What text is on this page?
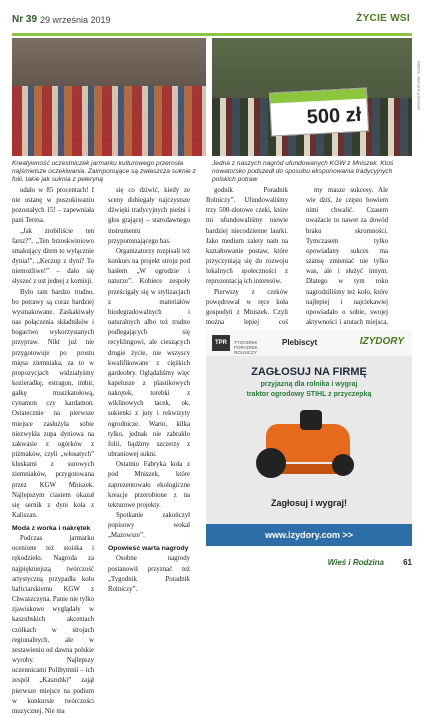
Nr 39 29 września 2019	ŻYCIE WSI
500 zł
Kreatywność uczestniczek jarmarku kulturowego przerosła najśmielsze oczekiwania. Zaimponujące są zwłaszcza suknie z folii, takie jak suknia z peleryną
Jedna z naszych nagród ufundowanych KGW z Mniszek. Ktoś nowatorsko podszedł do sposobu eksponowania tradycyjnych polskich potraw

udało w 85 procentach! I nie ustanę w poszukiwaniu pozostałych 15! – zapewniała pani Teresa.

„Jak zrobiliście ten farsz?”, „Ten brzoskwiniowo smakujący dżem to wyłącznie dynia!”, „Keczup z dyni? To niemożliwe!” – dało się słyszeć z ust jednej z komisji.

Było tam bardzo trudno, bo potrawy są coraz bardziej wysmakowane. Zaskakiwały nas połączenia składników i bogactwo wykorzystanych przypraw. Nikt już nie przygotowuje po prostu mięsa ziemniaka, za to w propozycjach widziałyśmy kozieradkę, estragon, imbir, gałkę muszkatołową, cynamon czy kardamon. Ostatecznie na pierwsze miejsce zasłużyła sobie niezwykła zupa dyniowa na zakwasie z ogórków z piżmaków, czyli „włosatych” kluskami z surowych ziemniaków, przygotowana przez KGW Mniszek. Najlepszym ciastem okazał się sernik z dyni koła z Kaliszan.

Moda z worka i nakrętek

Podczas jarmarku ocenione też stoiska i rękodzieło. Nagroda za najpiękniejszą twórczość artystyczną przypadła kołu haftciarskiemu KGW z Chwaszczyna. Panie nie tylko zjawiskowe wyglądały w kaszubskich akcentach czółkach w strojach regionalnych, ale w zestawieniu od dawna polskie wyroby. Najlepszy uczennicami Polihymnii – ich zespół „Kaszubki” zajął pierwsze miejsce na podium w konkursie twórczości muzycznej. Nie ma

się co dziwić, kiedy ze sceny dobiegały najczystsze dźwięki tradycyjnych pieśni i głos grającej – starodawnego instrumentu przypominającego bas.

Organizatorzy rozpisali też konkurs na projekt stroju pod hasłem „W ogrodzie i naturze”. Kobiece zespoły prześcigały się w stylizacjach z materiałów biodegradowalnych i naturalnych albo też trudno podlegających się recyklingowi, ale cieszących drugie życie, nie wszyscy kwalifikowane z ciężkich gardeobry. Oglądaliśmy więc kapelusze z plastikowych nakrętek, torebki z wiklinowych tacek, ok, sukienki z juty i rekwizyty ogrodnicze. Warto, kilka tylko, jednak nie zabrakło folii, bądźmy szczerzy z ubraniowej sukni.

Ostatnio Fabryka koła z pod Mniszek, które zaprezentowało ekologiczne kreacje przerobione z na tekturowe projekty.

Spotkanie zakończył popisowy wokal „Mazowsze”.

Opowieść warta nagrody

Osobne nagrody postanowił przyznać też „Tygodnik Poradnik Rolniczy”.

godnik Poradnik Rolniczy”. Ufundowaliśmy trzy 500-złotowe czeki, które mi ufundowaliśmy niewie bardziej niecodzienne laurki. Jako medium zalety nam na kształtowanie postaw, które przyczyniają się do rozwoju lokalnych społeczności z reprezentacją ich interesów.

Pierwszy z czeków powędrował w ręce koła gospodyń z Mniszek. Czyli można lepiej coś

my masze sukcesy. Ale wie dziś, że często bowiem nimi chwalić. Czasem uważacie to nawet za dowód braku skromności. Tymczasem tylko opowiadany sukces ma szansę zmieniać nie tylko was, ale i służyć innym. Dlatego w tym roku nagrodziliśmy też koło, które najlepiej i najciekawiej opowiadało o sobie, swojej aktywności i atutach miejsca,

TPR	TYGODNIK PORADNIK ROLNICZY
Plebiscyt	IZYDORY
ZAGŁOSUJ NA FIRMĘ
przyjazną dla rolnika i wygraj
traktor ogrodowy STIHL z przyczepką
Zagłosuj i wygraj!
www.izydory.com >>
Wieś i Rodzina 61
INSIDE: Michał Kuzimowski
